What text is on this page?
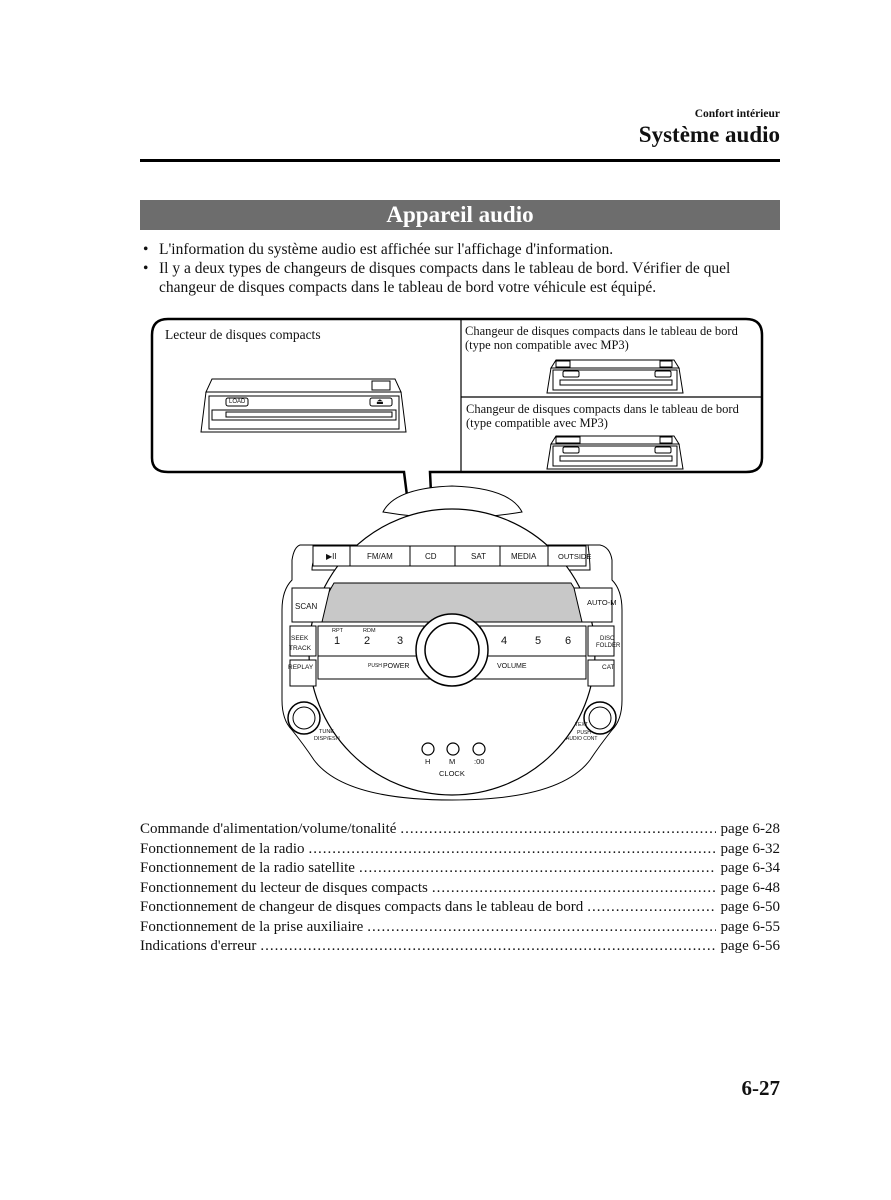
Confort intérieur
Système audio
Appareil audio
• L'information du système audio est affichée sur l'affichage d'information.
• Il y a deux types de changeurs de disques compacts dans le tableau de bord. Vérifier de quel changeur de disques compacts dans le tableau de bord votre véhicule est équipé.
Lecteur de disques compacts
LOAD	⏏
Changeur de disques compacts dans le tableau de bord
(type non compatible avec MP3)
Changeur de disques compacts dans le tableau de bord
(type compatible avec MP3)
▶II	FM/AM	CD	SAT	MEDIA	OUTSIDE
SCAN	AUTO-M
SEEK
TRACK
REPLAY
DISC
FOLDER
CAT
RPT	RDM
1 2 3	4	5 6
PUSH POWER	VOLUME
TUNE
DISP/ESN
TEXT
PUSH
AUDIO CONT
H M	:00
CLOCK
Commande d'alimentation/volume/tonalité .....	page 6-28
Fonctionnement de la radio .....	page 6-32
Fonctionnement de la radio satellite .....	page 6-34
Fonctionnement du lecteur de disques compacts .....	page 6-48
Fonctionnement de changeur de disques compacts dans le tableau de bord .....	page 6-50
Fonctionnement de la prise auxiliaire .....	page 6-55
Indications d'erreur .....	page 6-56
6-27
